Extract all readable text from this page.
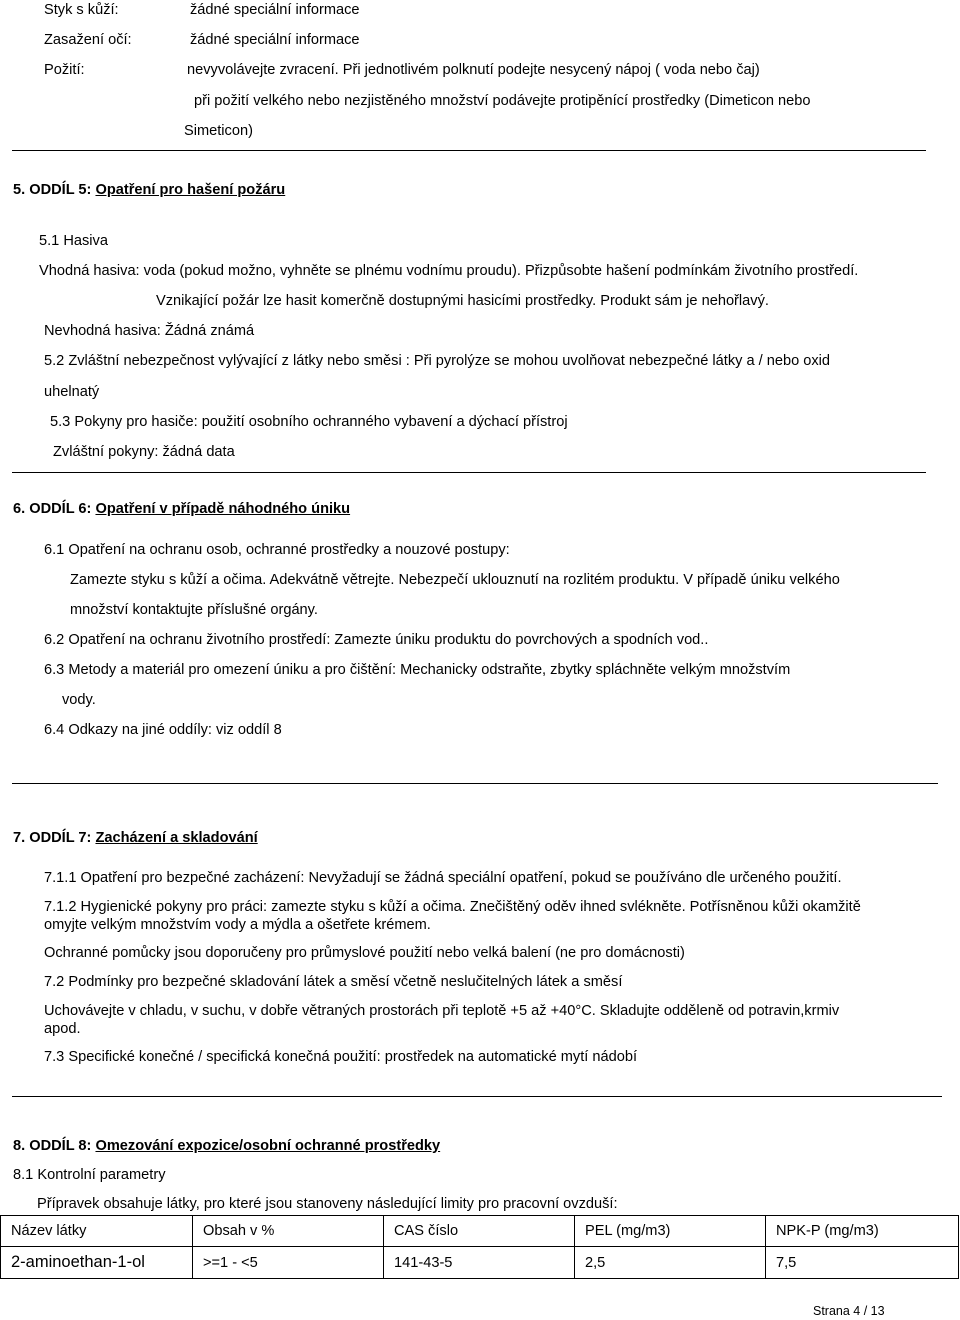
Styk s kůží:	žádné speciální informace
Zasažení očí:	žádné speciální informace
Požití:	nevyvolávejte zvracení. Při jednotlivém polknutí podejte nesycený nápoj ( voda nebo čaj)
při požití velkého nebo nezjistěného množství podávejte protipěnící prostředky (Dimeticon nebo
Simeticon)
5. ODDÍL 5: Opatření pro hašení požáru
5.1 Hasiva
Vhodná hasiva: voda (pokud možno, vyhněte se plnému vodnímu proudu). Přizpůsobte hašení podmínkám životního prostředí.
Vznikající požár lze hasit komerčně dostupnými hasicími prostředky. Produkt sám je nehořlavý.
Nevhodná hasiva: Žádná známá
5.2 Zvláštní nebezpečnost vylývající z látky nebo směsi : Při pyrolýze se mohou uvolňovat nebezpečné látky a / nebo oxid
uhelnatý
5.3 Pokyny pro hasiče: použití osobního ochranného vybavení a dýchací přístroj
Zvláštní pokyny: žádná data
6. ODDÍL 6: Opatření v případě náhodného úniku
6.1 Opatření na ochranu osob, ochranné prostředky a nouzové postupy:
Zamezte styku s kůží a očima. Adekvátně větrejte. Nebezpečí uklouznutí na rozlitém produktu. V případě úniku velkého
množství kontaktujte příslušné orgány.
6.2 Opatření na ochranu životního prostředí: Zamezte úniku produktu do povrchových a spodních vod..
6.3 Metody a materiál pro omezení úniku a pro čištění: Mechanicky odstraňte, zbytky spláchněte velkým množstvím
vody.
6.4 Odkazy na jiné oddíly: viz oddíl 8
7. ODDÍL 7: Zacházení a skladování
7.1.1 Opatření pro bezpečné zacházení: Nevyžadují se žádná speciální opatření, pokud se používáno dle určeného použití.
7.1.2 Hygienické pokyny pro práci: zamezte styku s kůží a očima. Znečištěný oděv ihned svlékněte. Potřísněnou kůži okamžitě
omyjte velkým množstvím vody a mýdla a ošetřete krémem.
Ochranné pomůcky jsou doporučeny pro průmyslové použití nebo velká balení (ne pro domácnosti)
7.2 Podmínky pro bezpečné skladování látek a směsí včetně neslučitelných látek a směsí
Uchovávejte v chladu, v suchu, v dobře větraných prostorách při teplotě +5 až +40°C. Skladujte odděleně od potravin,krmiv
apod.
7.3 Specifické konečné / specifická konečná použití: prostředek na automatické mytí nádobí
8. ODDÍL 8: Omezování expozice/osobní ochranné prostředky
8.1 Kontrolní parametry
Přípravek obsahuje látky, pro které jsou stanoveny následující limity pro pracovní ovzduší:
Název látky	Obsah v %	CAS číslo	PEL (mg/m3)	NPK-P (mg/m3)
2-aminoethan-1-ol	>=1 - <5	141-43-5	2,5	7,5
Strana 4 / 13
